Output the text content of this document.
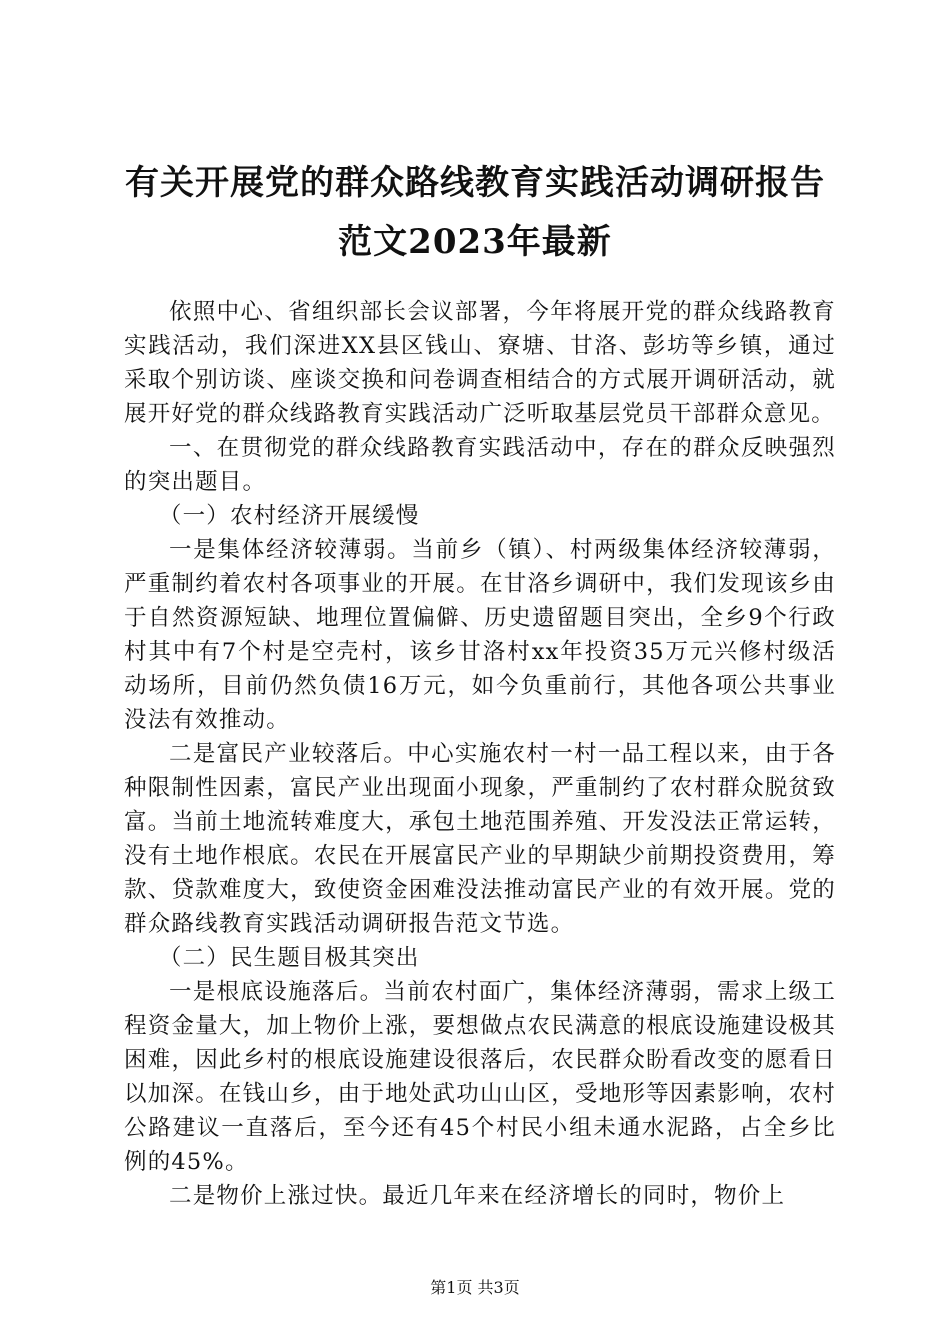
有关开展党的群众路线教育实践活动调研报告
范文2023年最新

依照中心、省组织部长会议部署，今年将展开党的群众线路教育实践活动，我们深进XX县区钱山、寮塘、甘洛、彭坊等乡镇，通过采取个别访谈、座谈交换和问卷调查相结合的方式展开调研活动，就展开好党的群众线路教育实践活动广泛听取基层党员干部群众意见。

一、在贯彻党的群众线路教育实践活动中，存在的群众反映强烈的突出题目。

（一）农村经济开展缓慢

一是集体经济较薄弱。当前乡（镇）、村两级集体经济较薄弱，严重制约着农村各项事业的开展。在甘洛乡调研中，我们发现该乡由于自然资源短缺、地理位置偏僻、历史遗留题目突出，全乡9个行政村其中有7个村是空壳村，该乡甘洛村xx年投资35万元兴修村级活动场所，目前仍然负债16万元，如今负重前行，其他各项公共事业没法有效推动。

二是富民产业较落后。中心实施农村一村一品工程以来，由于各种限制性因素，富民产业出现面小现象，严重制约了农村群众脱贫致富。当前土地流转难度大，承包土地范围养殖、开发没法正常运转，没有土地作根底。农民在开展富民产业的早期缺少前期投资费用，筹款、贷款难度大，致使资金困难没法推动富民产业的有效开展。党的群众路线教育实践活动调研报告范文节选。

（二）民生题目极其突出

一是根底设施落后。当前农村面广，集体经济薄弱，需求上级工程资金量大，加上物价上涨，要想做点农民满意的根底设施建设极其困难，因此乡村的根底设施建设很落后，农民群众盼看改变的愿看日以加深。在钱山乡，由于地处武功山山区，受地形等因素影响，农村公路建议一直落后，至今还有45个村民小组未通水泥路，占全乡比例的45%。

二是物价上涨过快。最近几年来在经济增长的同时，物价上

第1页 共3页
